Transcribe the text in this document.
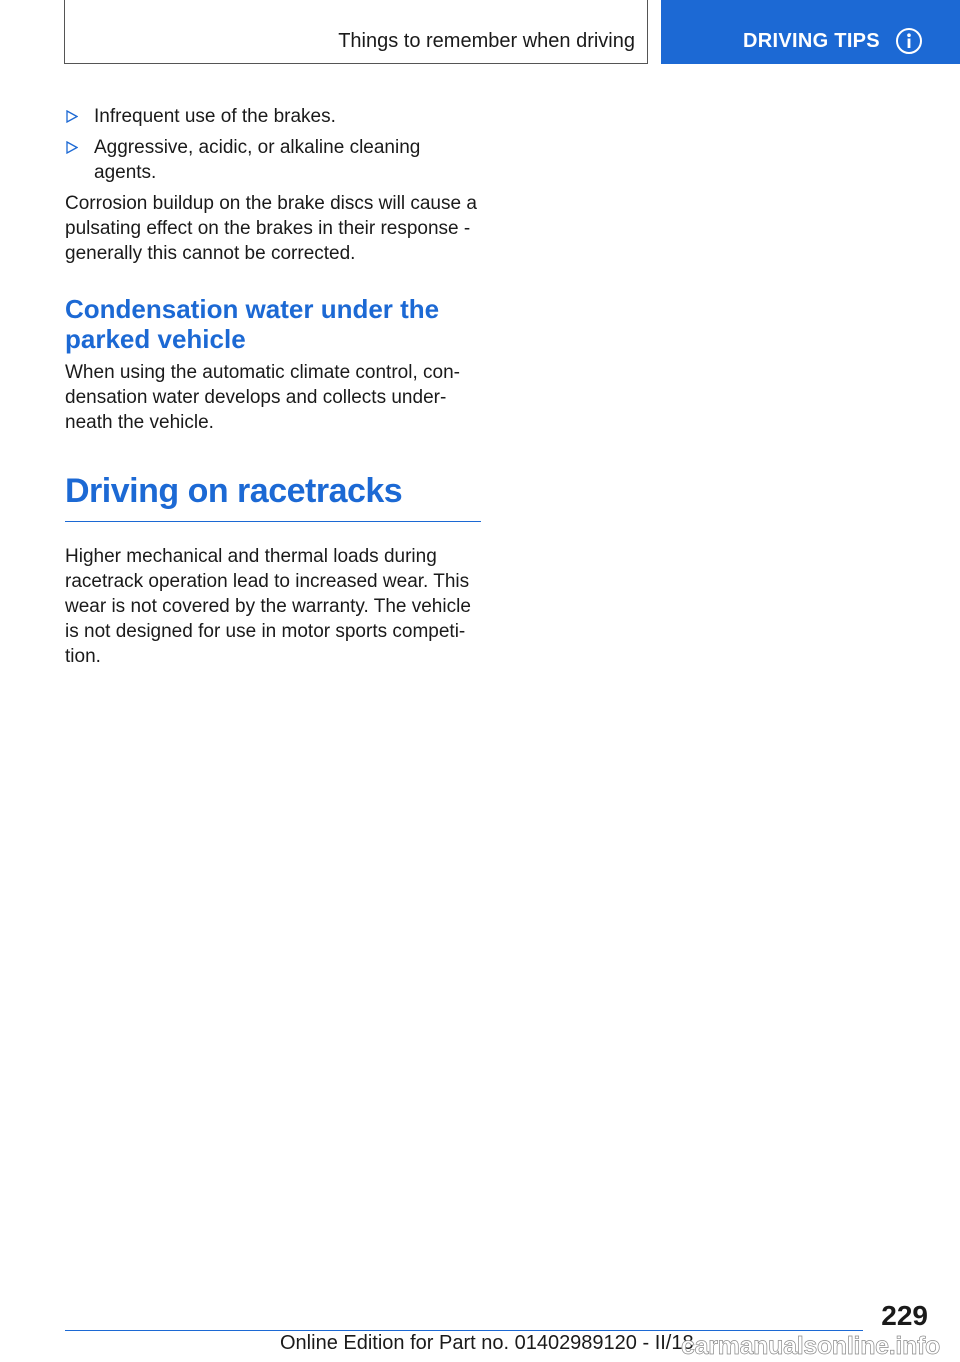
Things to remember when driving	DRIVING TIPS
Infrequent use of the brakes.
Aggressive, acidic, or alkaline cleaning agents.

Corrosion buildup on the brake discs will cause a pulsating effect on the brakes in their response - generally this cannot be corrected.

Condensation water under the parked vehicle

When using the automatic climate control, condensation water develops and collects underneath the vehicle.

Driving on racetracks

Higher mechanical and thermal loads during racetrack operation lead to increased wear. This wear is not covered by the warranty. The vehicle is not designed for use in motor sports competition.

229
Online Edition for Part no. 01402989120 - II/18
carmanualsonline.info
